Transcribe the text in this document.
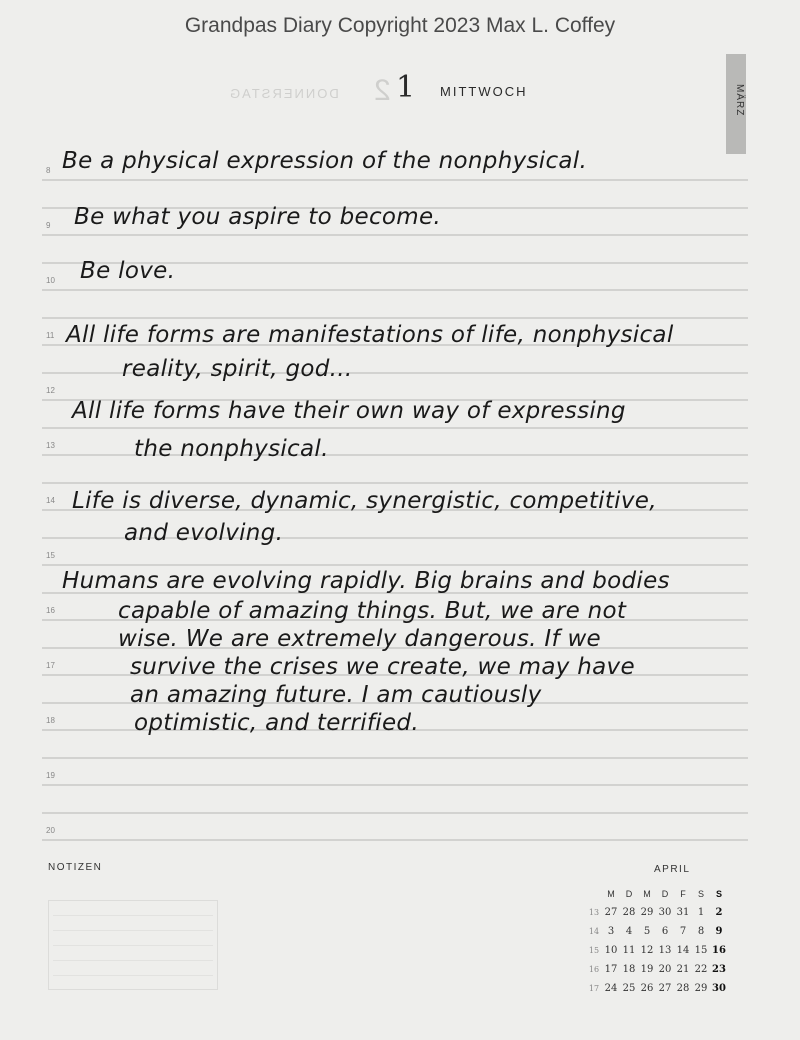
Grandpas Diary Copyright 2023 Max L. Coffey
DONNERSTAG 2 1 MITTWOCH	MÄRZ
8
9
10
11
12
13
14
15
16
17
18
19
20
Be a physical expression of the nonphysical.
Be what you aspire to become.
Be love.
All life forms are manifestations of life, nonphysical
reality, spirit, god...
All life forms have their own way of expressing
the nonphysical.
Life is diverse, dynamic, synergistic, competitive,
and evolving.
Humans are evolving rapidly. Big brains and bodies
capable of amazing things. But, we are not
wise. We are extremely dangerous. If we
survive the crises we create, we may have
an amazing future. I am cautiously
optimistic, and terrified.
NOTIZEN	APRIL
	M	D	M	D	F	S	S
13	27	28	29	30	31	1	2
14	3	4	5	6	7	8	9
15	10	11	12	13	14	15	16
16	17	18	19	20	21	22	23
17	24	25	26	27	28	29	30
